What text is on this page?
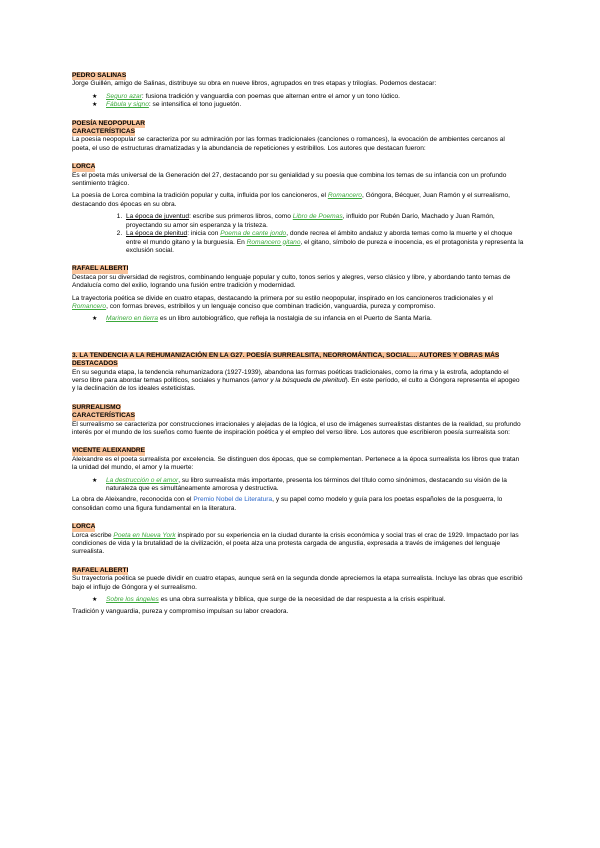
PEDRO SALINAS

Jorge Guillén, amigo de Salinas, distribuye su obra en nueve libros, agrupados en tres etapas y trilogías. Podemos destacar:

★ Seguro azar: fusiona tradición y vanguardia con poemas que alternan entre el amor y un tono lúdico.
★ Fábula y signo: se intensifica el tono juguetón.
POESÍA NEOPOPULAR
CARACTERÍSTICAS

La poesía neopopular se caracteriza por su admiración por las formas tradicionales (canciones o romances), la evocación de ambientes cercanos al poeta, el uso de estructuras dramatizadas y la abundancia de repeticiones y estribillos. Los autores que destacan fueron:

LORCA

Es el poeta más universal de la Generación del 27, destacando por su genialidad y su poesía que combina los temas de su infancia con un profundo sentimiento trágico.

La poesía de Lorca combina la tradición popular y culta, influida por los cancioneros, el Romancero, Góngora, Bécquer, Juan Ramón y el surrealismo, destacando dos épocas en su obra.

1. La época de juventud: escribe sus primeros libros, como Libro de Poemas, influido por Rubén Darío, Machado y Juan Ramón, proyectando su amor sin esperanza y la tristeza.
2. La época de plenitud: inicia con Poema de cante jondo, donde recrea el ámbito andaluz y aborda temas como la muerte y el choque entre el mundo gitano y la burguesía. En Romancero gitano, el gitano, símbolo de pureza e inocencia, es el protagonista y representa la exclusión social.
RAFAEL ALBERTI

Destaca por su diversidad de registros, combinando lenguaje popular y culto, tonos serios y alegres, verso clásico y libre, y abordando tanto temas de Andalucía como del exilio, logrando una fusión entre tradición y modernidad.

La trayectoria poética se divide en cuatro etapas, destacando la primera por su estilo neopopular, inspirado en los cancioneros tradicionales y el Romancero, con formas breves, estribillos y un lenguaje conciso que combinan tradición, vanguardia, pureza y compromiso.

★ Marinero en tierra es un libro autobiográfico, que refleja la nostalgia de su infancia en el Puerto de Santa María.
3. LA TENDENCIA A LA REHUMANIZACIÓN EN LA G27. POESÍA SURREALSITA, NEORROMÁNTICA, SOCIAL… AUTORES Y OBRAS MÁS DESTACADOS

En su segunda etapa, la tendencia rehumanizadora (1927-1939), abandona las formas poéticas tradicionales, como la rima y la estrofa, adoptando el verso libre para abordar temas políticos, sociales y humanos (amor y la búsqueda de plenitud). En este período, el culto a Góngora representa el apogeo y la declinación de los ideales esteticistas.

SURREALISMO
CARACTERÍSTICAS

El surrealismo se caracteriza por construcciones irracionales y alejadas de la lógica, el uso de imágenes surrealistas distantes de la realidad, su profundo interés por el mundo de los sueños como fuente de inspiración poética y el empleo del verso libre. Los autores que escribieron poesía surrealista son:

VICENTE ALEIXANDRE

Aleixandre es el poeta surrealista por excelencia. Se distinguen dos épocas, que se complementan. Pertenece a la época surrealista los libros que tratan la unidad del mundo, el amor y la muerte:

★ La destrucción o el amor, su libro surrealista más importante, presenta los términos del título como sinónimos, destacando su visión de la naturaleza que es simultáneamente amorosa y destructiva.

La obra de Aleixandre, reconocida con el Premio Nobel de Literatura, y su papel como modelo y guía para los poetas españoles de la posguerra, lo consolidan como una figura fundamental en la literatura.

LORCA

Lorca escribe Poeta en Nueva York inspirado por su experiencia en la ciudad durante la crisis económica y social tras el crac de 1929. Impactado por las condiciones de vida y la brutalidad de la civilización, el poeta alza una protesta cargada de angustia, expresada a través de imágenes del lenguaje surrealista.

RAFAEL ALBERTI

Su trayectoria poética se puede dividir en cuatro etapas, aunque será en la segunda donde apreciemos la etapa surrealista. Incluye las obras que escribió bajo el influjo de Góngora y el surrealismo.

★ Sobre los ángeles es una obra surrealista y bíblica, que surge de la necesidad de dar respuesta a la crisis espiritual.

Tradición y vanguardia, pureza y compromiso impulsan su labor creadora.
